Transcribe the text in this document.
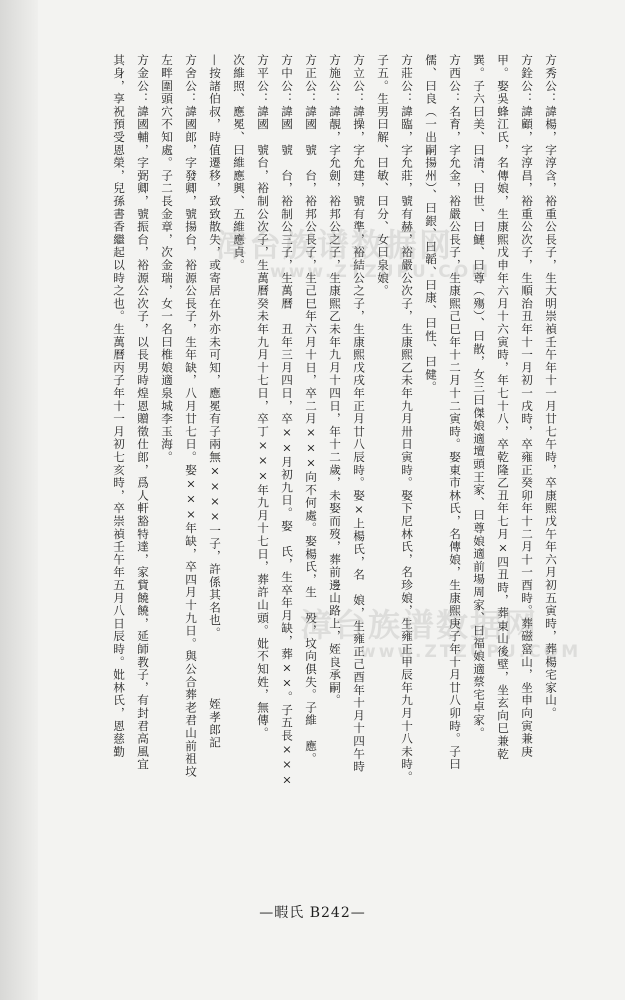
方秀公：諱楊，字淳含，裕重公長子，生大明崇禎壬午年十一月廿七午時，卒康熙戊午年六月初五寅時，葬楊宅家山。
方銓公：諱顧，字淳昌，裕重公次子，生順治丑年十一月初一戌時，卒雍正癸卯年十二月十一酉時。葬磁窰山，坐申向寅兼庚
甲。娶吳蜂江氏，名傳娘，生康熙戊申年六月十六寅時，年七十八，卒乾隆乙丑年七月×四丑時，葬東山後壁，坐玄向巳兼乾
巽。子六曰美、曰清、曰世、曰鰱、曰尊（殤）、曰散，女三曰傑娘適壇頭王家、曰尊娘適前場周家、曰福娘適蔡宅卓家。
方西公：名育，字允金，裕嚴公長子，生康熙己巳年十二月十二寅時。娶東市林氏，名傳娘，生康熙庚子年十月廿八卯時。子曰
儒、曰良（一出嗣揚州）、曰銀、曰韜、曰康、曰性、曰健。
方莊公：諱臨，字允莊，號有赫，裕嚴公次子，生康熙乙未年九月卅日寅時。娶下尼林氏，名珍娘，生雍正甲辰年九月十八未時。
子五。生男曰解、曰敏、曰分、女曰泉娘。
方立公：諱操，字允建，號有準，裕結公之子，生康熙戊戌年正月廿八辰時。娶×上楊氏，名　娘，生雍正己酉年十月十四午時
方施公：諱靚，字允劍，裕邦公之子，生康熙乙未年九月十四日，年十二歲，未娶而歿，葬前邊山路上，姪良承嗣。
方正公：諱國　號　台，裕邦公長子，生己巳年六月十日，卒二月×××向不何處。娶楊氏，生　殁，坟向俱失。子維　應。
方中公：諱國　號　台，裕制公三子，生萬曆　丑年三月四日，卒××月初九日。娶　氏，生卒年月缺，葬××。子五長×××
方平公：諱國　號台，裕制公次子，生萬曆癸未年九月十七日，卒丁×××年九月十七日，葬許山頭。妣不知姓，無傳。
次維照、應冕、曰維應興、五維應貞。
—按諸伯叔，時值遷移，致致散失，或寄居在外亦未可知，應冕有子兩無××××一子，許係其名也。　　　　　姪孝郎記
方舍公：諱國郎，字發卿，號揚台，裕源公長子，生年缺，八月廿七日。娶×××年缺，卒四月十九日。與公合葬老君山前祖坟
左畔圍頭穴不知處。子二長金章，次金瑞，女一名曰椎娘適泉城李玉海。
方金公：諱國輔，字弼卿，號振台，裕源公次子，以長男時煌恩贈徵仕郎，爲人軒豁特達，家貲饒饒，延師教子，有封君高風宜
其身，享祝預受恩榮，兒孫書香繼起以時之也。生萬曆丙子年十一月初七亥時，卒崇禎壬午年五月八日辰時。妣林氏，恩慈勤	漳台族谱数据网
www.ZTZUPU.COM
漳台族谱数据网
www.ZTZUPU.COM
—暇氏 B242—
